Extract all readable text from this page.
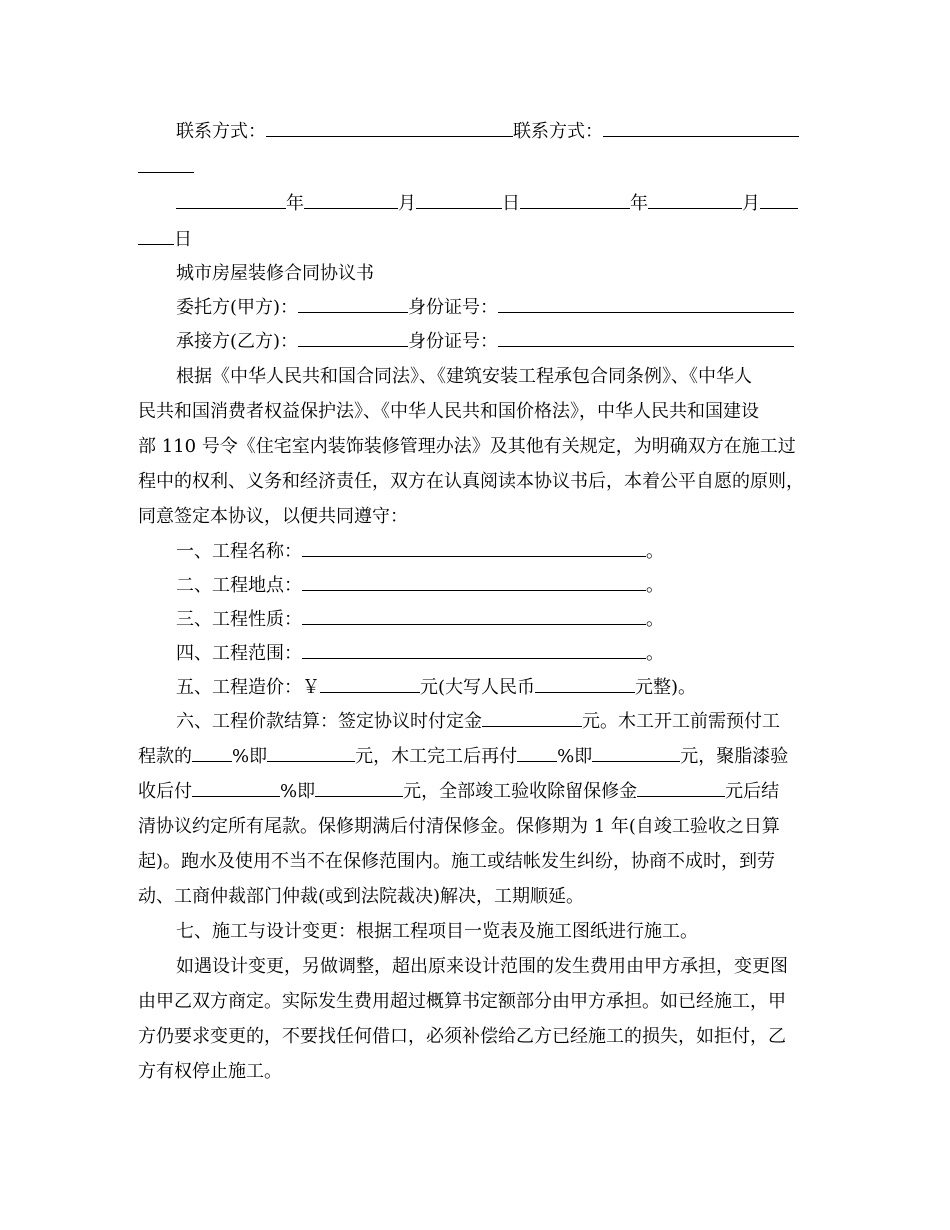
联系方式：	联系方式：
年	月	日	年	月
日
城市房屋装修合同协议书
委托方(甲方)：	身份证号：
承接方(乙方)：	身份证号：
根据《中华人民共和国合同法》、《建筑安装工程承包合同条例》、《中华人
民共和国消费者权益保护法》、《中华人民共和国价格法》，中华人民共和国建设
部 110 号令《住宅室内装饰装修管理办法》及其他有关规定，为明确双方在施工过
程中的权利、义务和经济责任，双方在认真阅读本协议书后，本着公平自愿的原则，
同意签定本协议，以便共同遵守：
一、工程名称：	。
二、工程地点：	。
三、工程性质：	。
四、工程范围：	。
五、工程造价：￥	元(大写人民币	元整)。
六、工程价款结算：签定协议时付定金	元。木工开工前需预付工
程款的 %即	元，木工完工后再付 %即	元，聚脂漆验
收后付	%即	元，全部竣工验收除留保修金	元后结
清协议约定所有尾款。保修期满后付清保修金。保修期为 1 年(自竣工验收之日算
起)。跑水及使用不当不在保修范围内。施工或结帐发生纠纷，协商不成时，到劳
动、工商仲裁部门仲裁(或到法院裁决)解决，工期顺延。
七、施工与设计变更：根据工程项目一览表及施工图纸进行施工。
如遇设计变更，另做调整，超出原来设计范围的发生费用由甲方承担，变更图
由甲乙双方商定。实际发生费用超过概算书定额部分由甲方承担。如已经施工，甲
方仍要求变更的，不要找任何借口，必须补偿给乙方已经施工的损失，如拒付，乙
方有权停止施工。
